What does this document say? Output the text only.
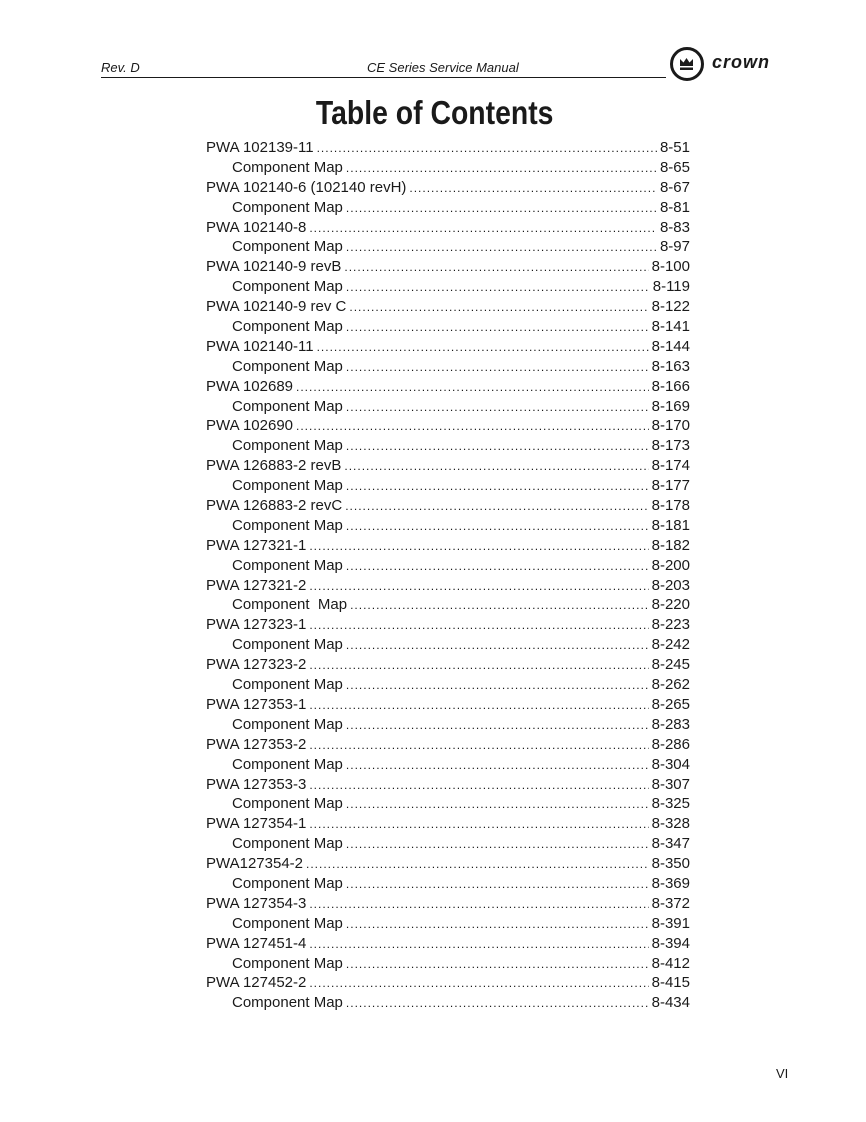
Rev. D	CE Series Service Manual	crown
Table of Contents
PWA 102139-11 .....	8-51
Component Map .....	8-65
PWA 102140-6 (102140 revH) .....	8-67
Component Map .....	8-81
PWA 102140-8 .....	8-83
Component Map .....	8-97
PWA 102140-9 revB .....	8-100
Component Map .....	8-119
PWA 102140-9 rev C .....	8-122
Component Map .....	8-141
PWA 102140-11 .....	8-144
Component Map .....	8-163
PWA 102689 .....	8-166
Component Map .....	8-169
PWA 102690 .....	8-170
Component Map .....	8-173
PWA 126883-2 revB .....	8-174
Component Map .....	8-177
PWA 126883-2 revC .....	8-178
Component Map .....	8-181
PWA 127321-1 .....	8-182
Component Map .....	8-200
PWA 127321-2 .....	8-203
Component  Map .....	8-220
PWA 127323-1 .....	8-223
Component Map .....	8-242
PWA 127323-2 .....	8-245
Component Map .....	8-262
PWA 127353-1 .....	8-265
Component Map .....	8-283
PWA 127353-2 .....	8-286
Component Map .....	8-304
PWA 127353-3 .....	8-307
Component Map .....	8-325
PWA 127354-1 .....	8-328
Component Map .....	8-347
PWA127354-2 .....	8-350
Component Map .....	8-369
PWA 127354-3 .....	8-372
Component Map .....	8-391
PWA 127451-4 .....	8-394
Component Map .....	8-412
PWA 127452-2 .....	8-415
Component Map .....	8-434
VI
